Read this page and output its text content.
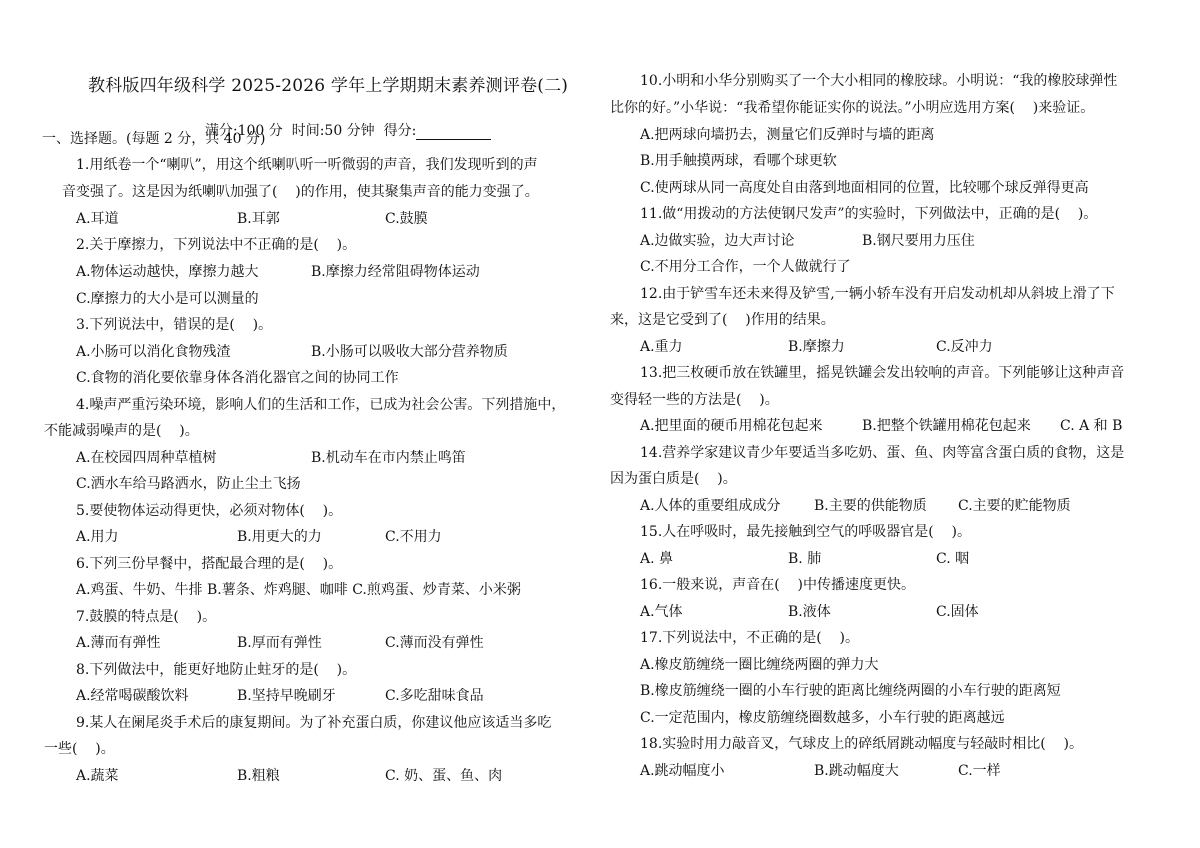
教科版四年级科学 2025-2026 学年上学期期末素养测评卷(二)

满分:100 分  时间:50 分钟  得分:

一、选择题。(每题 2 分，共 40 分)
1.用纸卷一个“喇叭”，用这个纸喇叭听一听微弱的声音，我们发现听到的声
音变强了。这是因为纸喇叭加强了(    )的作用，使其聚集声音的能力变强了。
A.耳道	B.耳郭	C.鼓膜
2.关于摩擦力，下列说法中不正确的是(    )。
A.物体运动越快，摩擦力越大	B.摩擦力经常阻碍物体运动
C.摩擦力的大小是可以测量的
3.下列说法中，错误的是(    )。
A.小肠可以消化食物残渣	B.小肠可以吸收大部分营养物质
C.食物的消化要依靠身体各消化器官之间的协同工作
4.噪声严重污染环境，影响人们的生活和工作，已成为社会公害。下列措施中，
不能减弱噪声的是(    )。
A.在校园四周种草植树	B.机动车在市内禁止鸣笛
C.洒水车给马路洒水，防止尘土飞扬
5.要使物体运动得更快，必须对物体(    )。
A.用力	B.用更大的力	C.不用力
6.下列三份早餐中，搭配最合理的是(    )。
A.鸡蛋、牛奶、牛排 B.薯条、炸鸡腿、咖啡 C.煎鸡蛋、炒青菜、小米粥
7.鼓膜的特点是(    )。
A.薄而有弹性	B.厚而有弹性	C.薄而没有弹性
8.下列做法中，能更好地防止蛀牙的是(    )。
A.经常喝碳酸饮料	B.坚持早晚刷牙	C.多吃甜味食品
9.某人在阑尾炎手术后的康复期间。为了补充蛋白质，你建议他应该适当多吃
一些(    )。
A.蔬菜	B.粗粮	C. 奶、蛋、鱼、肉
10.小明和小华分别购买了一个大小相同的橡胶球。小明说：“我的橡胶球弹性
比你的好。”小华说：“我希望你能证实你的说法。”小明应选用方案(    )来验证。
A.把两球向墙扔去，测量它们反弹时与墙的距离
B.用手触摸两球，看哪个球更软
C.使两球从同一高度处自由落到地面相同的位置，比较哪个球反弹得更高
11.做“用拨动的方法使钢尺发声”的实验时，下列做法中，正确的是(    )。
A.边做实验，边大声讨论	B.钢尺要用力压住
C.不用分工合作，一个人做就行了
12.由于铲雪车还未来得及铲雪,一辆小轿车没有开启发动机却从斜坡上滑了下
来，这是它受到了(    )作用的结果。
A.重力	B.摩擦力	C.反冲力
13.把三枚硬币放在铁罐里，摇晃铁罐会发出较响的声音。下列能够让这种声音
变得轻一些的方法是(    )。
A.把里面的硬币用棉花包起来	B.把整个铁罐用棉花包起来 C. A 和 B
14.营养学家建议青少年要适当多吃奶、蛋、鱼、肉等富含蛋白质的食物，这是
因为蛋白质是(    )。
A.人体的重要组成成分 B.主要的供能物质 C.主要的贮能物质
15.人在呼吸时，最先接触到空气的呼吸器官是(    )。
A. 鼻	B. 肺	C. 咽
16.一般来说，声音在(    )中传播速度更快。
A.气体	B.液体	C.固体
17.下列说法中，不正确的是(    )。
A.橡皮筋缠绕一圈比缠绕两圈的弹力大
B.橡皮筋缠绕一圈的小车行驶的距离比缠绕两圈的小车行驶的距离短
C.一定范围内，橡皮筋缠绕圈数越多，小车行驶的距离越远
18.实验时用力敲音叉，气球皮上的碎纸屑跳动幅度与轻敲时相比(    )。
A.跳动幅度小	B.跳动幅度大	C.一样
